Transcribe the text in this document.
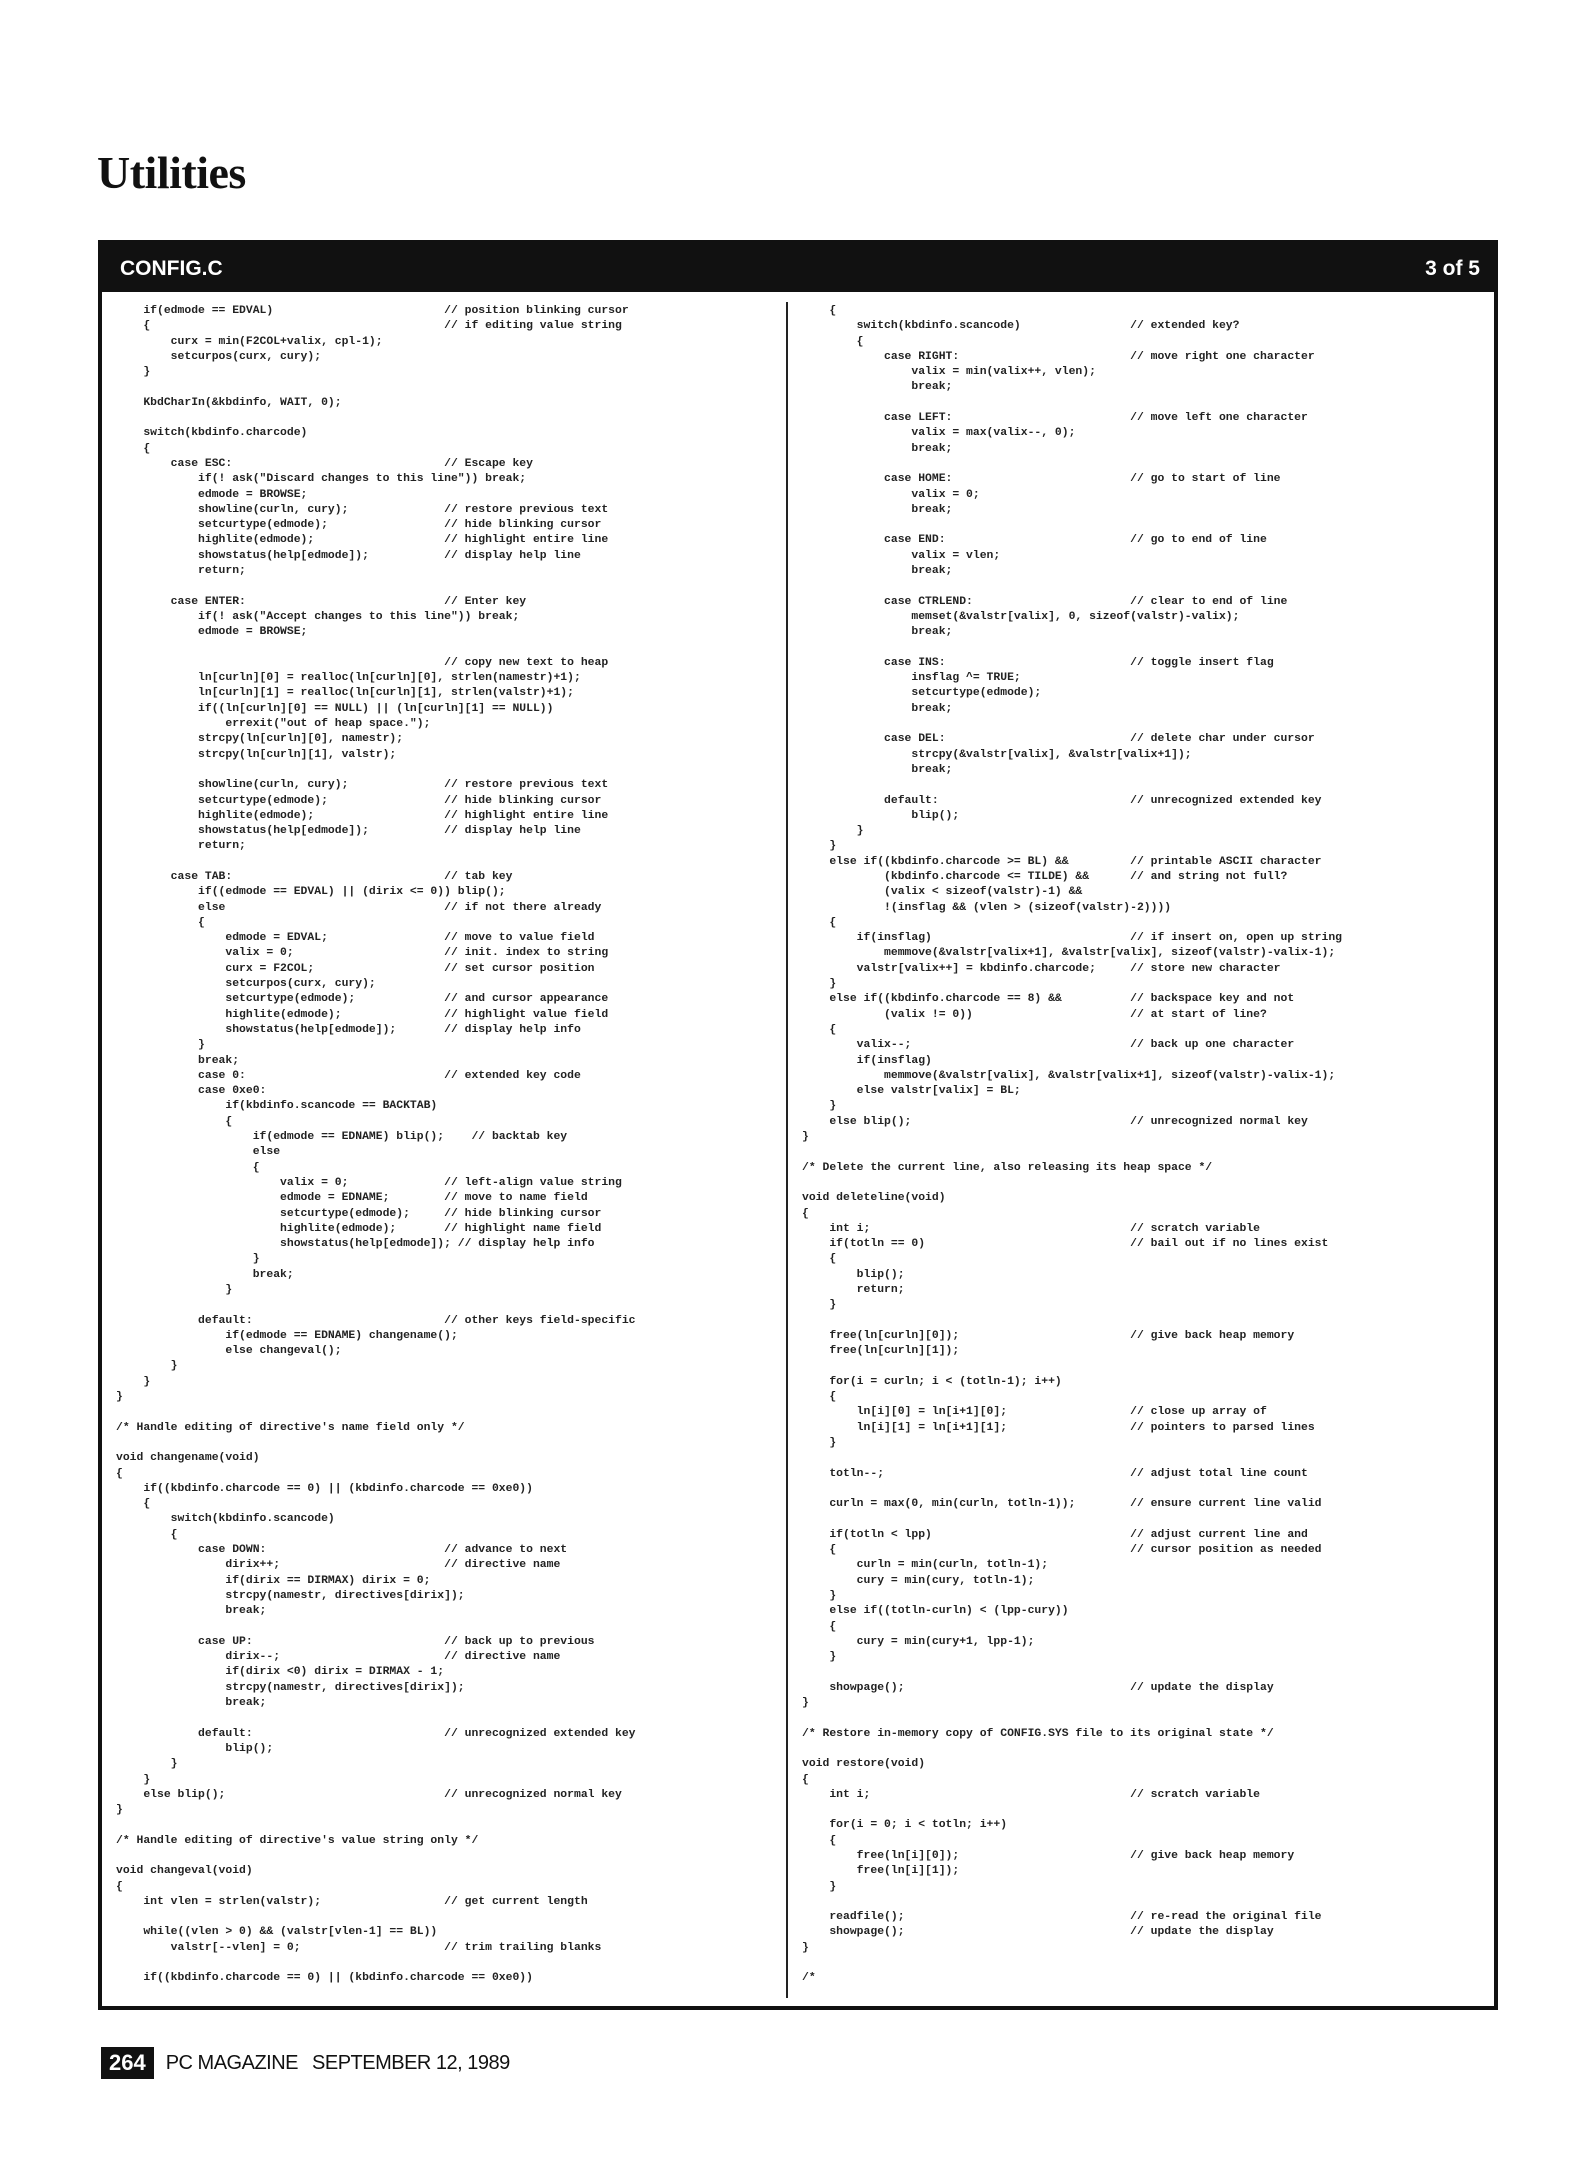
Utilities
CONFIG.C	3 of 5
if(edmode == EDVAL)                         // position blinking cursor
{                                           // if editing value string
curx = min(F2COL+valix, cpl-1);
setcurpos(curx, cury);
}

KbdCharIn(&kbdinfo, WAIT, 0);

switch(kbdinfo.charcode)
{
case ESC:                               // Escape key
if(! ask("Discard changes to this line")) break;
edmode = BROWSE;
showline(curln, cury);              // restore previous text
setcurtype(edmode);                 // hide blinking cursor
highlite(edmode);                   // highlight entire line
showstatus(help[edmode]);           // display help line
return;

case ENTER:                             // Enter key
if(! ask("Accept changes to this line")) break;
edmode = BROWSE;

// copy new text to heap
ln[curln][0] = realloc(ln[curln][0], strlen(namestr)+1);
ln[curln][1] = realloc(ln[curln][1], strlen(valstr)+1);
if((ln[curln][0] == NULL) || (ln[curln][1] == NULL))
errexit("out of heap space.");
strcpy(ln[curln][0], namestr);
strcpy(ln[curln][1], valstr);

showline(curln, cury);              // restore previous text
setcurtype(edmode);                 // hide blinking cursor
highlite(edmode);                   // highlight entire line
showstatus(help[edmode]);           // display help line
return;

case TAB:                               // tab key
if((edmode == EDVAL) || (dirix <= 0)) blip();
else                                // if not there already
{
edmode = EDVAL;                 // move to value field
valix = 0;                      // init. index to string
curx = F2COL;                   // set cursor position
setcurpos(curx, cury);
setcurtype(edmode);             // and cursor appearance
highlite(edmode);               // highlight value field
showstatus(help[edmode]);       // display help info
}
break;
case 0:                             // extended key code
case 0xe0:
if(kbdinfo.scancode == BACKTAB)
{
if(edmode == EDNAME) blip();    // backtab key
else
{
valix = 0;              // left-align value string
edmode = EDNAME;        // move to name field
setcurtype(edmode);     // hide blinking cursor
highlite(edmode);       // highlight name field
showstatus(help[edmode]); // display help info
}
break;
}

default:                            // other keys field-specific
if(edmode == EDNAME) changename();
else changeval();
}
}
}

/* Handle editing of directive's name field only */

void changename(void)
{
if((kbdinfo.charcode == 0) || (kbdinfo.charcode == 0xe0))
{
switch(kbdinfo.scancode)
{
case DOWN:                          // advance to next
dirix++;                        // directive name
if(dirix == DIRMAX) dirix = 0;
strcpy(namestr, directives[dirix]);
break;

case UP:                            // back up to previous
dirix--;                        // directive name
if(dirix <0) dirix = DIRMAX - 1;
strcpy(namestr, directives[dirix]);
break;

default:                            // unrecognized extended key
blip();
}
}
else blip();                                // unrecognized normal key
}

/* Handle editing of directive's value string only */

void changeval(void)
{
int vlen = strlen(valstr);                  // get current length

while((vlen > 0) && (valstr[vlen-1] == BL))
valstr[--vlen] = 0;                     // trim trailing blanks

if((kbdinfo.charcode == 0) || (kbdinfo.charcode == 0xe0))
{
switch(kbdinfo.scancode)                // extended key?
{
case RIGHT:                         // move right one character
valix = min(valix++, vlen);
break;

case LEFT:                          // move left one character
valix = max(valix--, 0);
break;

case HOME:                          // go to start of line
valix = 0;
break;

case END:                           // go to end of line
valix = vlen;
break;

case CTRLEND:                       // clear to end of line
memset(&valstr[valix], 0, sizeof(valstr)-valix);
break;

case INS:                           // toggle insert flag
insflag ^= TRUE;
setcurtype(edmode);
break;

case DEL:                           // delete char under cursor
strcpy(&valstr[valix], &valstr[valix+1]);
break;

default:                            // unrecognized extended key
blip();
}
}
else if((kbdinfo.charcode >= BL) &&         // printable ASCII character
(kbdinfo.charcode <= TILDE) &&      // and string not full?
(valix < sizeof(valstr)-1) &&
!(insflag && (vlen > (sizeof(valstr)-2))))
{
if(insflag)                             // if insert on, open up string
memmove(&valstr[valix+1], &valstr[valix], sizeof(valstr)-valix-1);
valstr[valix++] = kbdinfo.charcode;     // store new character
}
else if((kbdinfo.charcode == 8) &&          // backspace key and not
(valix != 0))                       // at start of line?
{
valix--;                                // back up one character
if(insflag)
memmove(&valstr[valix], &valstr[valix+1], sizeof(valstr)-valix-1);
else valstr[valix] = BL;
}
else blip();                                // unrecognized normal key
}

/* Delete the current line, also releasing its heap space */

void deleteline(void)
{
int i;                                      // scratch variable
if(totln == 0)                              // bail out if no lines exist
{
blip();
return;
}

free(ln[curln][0]);                         // give back heap memory
free(ln[curln][1]);

for(i = curln; i < (totln-1); i++)
{
ln[i][0] = ln[i+1][0];                  // close up array of
ln[i][1] = ln[i+1][1];                  // pointers to parsed lines
}

totln--;                                    // adjust total line count

curln = max(0, min(curln, totln-1));        // ensure current line valid

if(totln < lpp)                             // adjust current line and
{                                           // cursor position as needed
curln = min(curln, totln-1);
cury = min(cury, totln-1);
}
else if((totln-curln) < (lpp-cury))
{
cury = min(cury+1, lpp-1);
}

showpage();                                 // update the display
}

/* Restore in-memory copy of CONFIG.SYS file to its original state */

void restore(void)
{
int i;                                      // scratch variable

for(i = 0; i < totln; i++)
{
free(ln[i][0]);                         // give back heap memory
free(ln[i][1]);
}

readfile();                                 // re-read the original file
showpage();                                 // update the display
}

/*
264	PC MAGAZINE SEPTEMBER 12, 1989
